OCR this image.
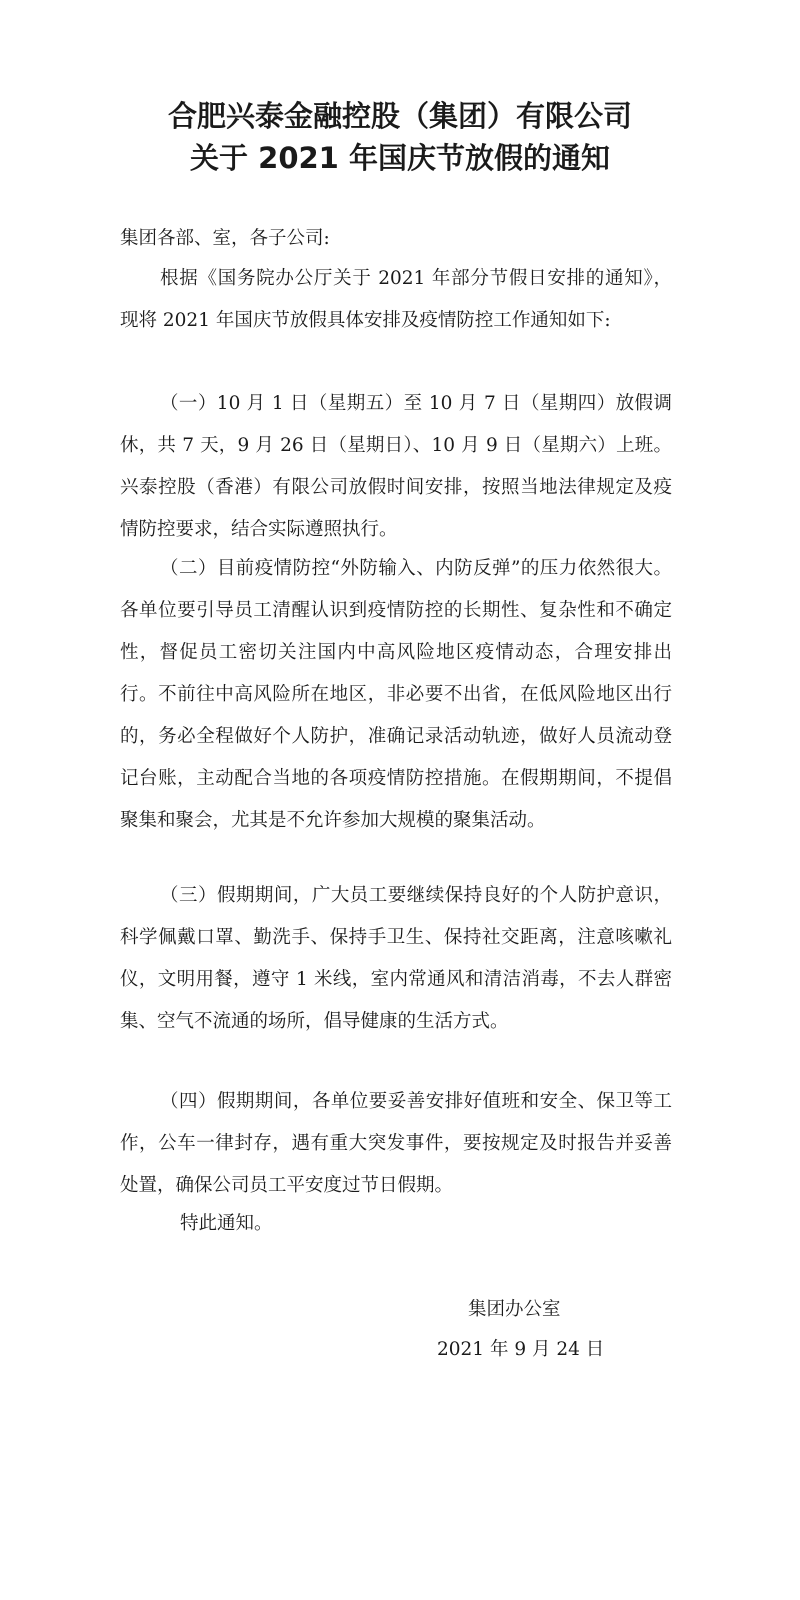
合肥兴泰金融控股（集团）有限公司
关于 2021 年国庆节放假的通知

集团各部、室，各子公司:

根据《国务院办公厅关于 2021 年部分节假日安排的通知》，现将 2021 年国庆节放假具体安排及疫情防控工作通知如下:

（一）10 月 1 日（星期五）至 10 月 7 日（星期四）放假调休，共 7 天，9 月 26 日（星期日）、10 月 9 日（星期六）上班。兴泰控股（香港）有限公司放假时间安排，按照当地法律规定及疫情防控要求，结合实际遵照执行。

（二）目前疫情防控“外防输入、内防反弹”的压力依然很大。各单位要引导员工清醒认识到疫情防控的长期性、复杂性和不确定性，督促员工密切关注国内中高风险地区疫情动态，合理安排出行。不前往中高风险所在地区，非必要不出省，在低风险地区出行的，务必全程做好个人防护，准确记录活动轨迹，做好人员流动登记台账，主动配合当地的各项疫情防控措施。在假期期间，不提倡聚集和聚会，尤其是不允许参加大规模的聚集活动。

（三）假期期间，广大员工要继续保持良好的个人防护意识，科学佩戴口罩、勤洗手、保持手卫生、保持社交距离，注意咳嗽礼仪，文明用餐，遵守 1 米线，室内常通风和清洁消毒，不去人群密集、空气不流通的场所，倡导健康的生活方式。

（四）假期期间，各单位要妥善安排好值班和安全、保卫等工作，公车一律封存，遇有重大突发事件，要按规定及时报告并妥善处置，确保公司员工平安度过节日假期。

特此通知。

集团办公室

2021 年 9 月 24 日
